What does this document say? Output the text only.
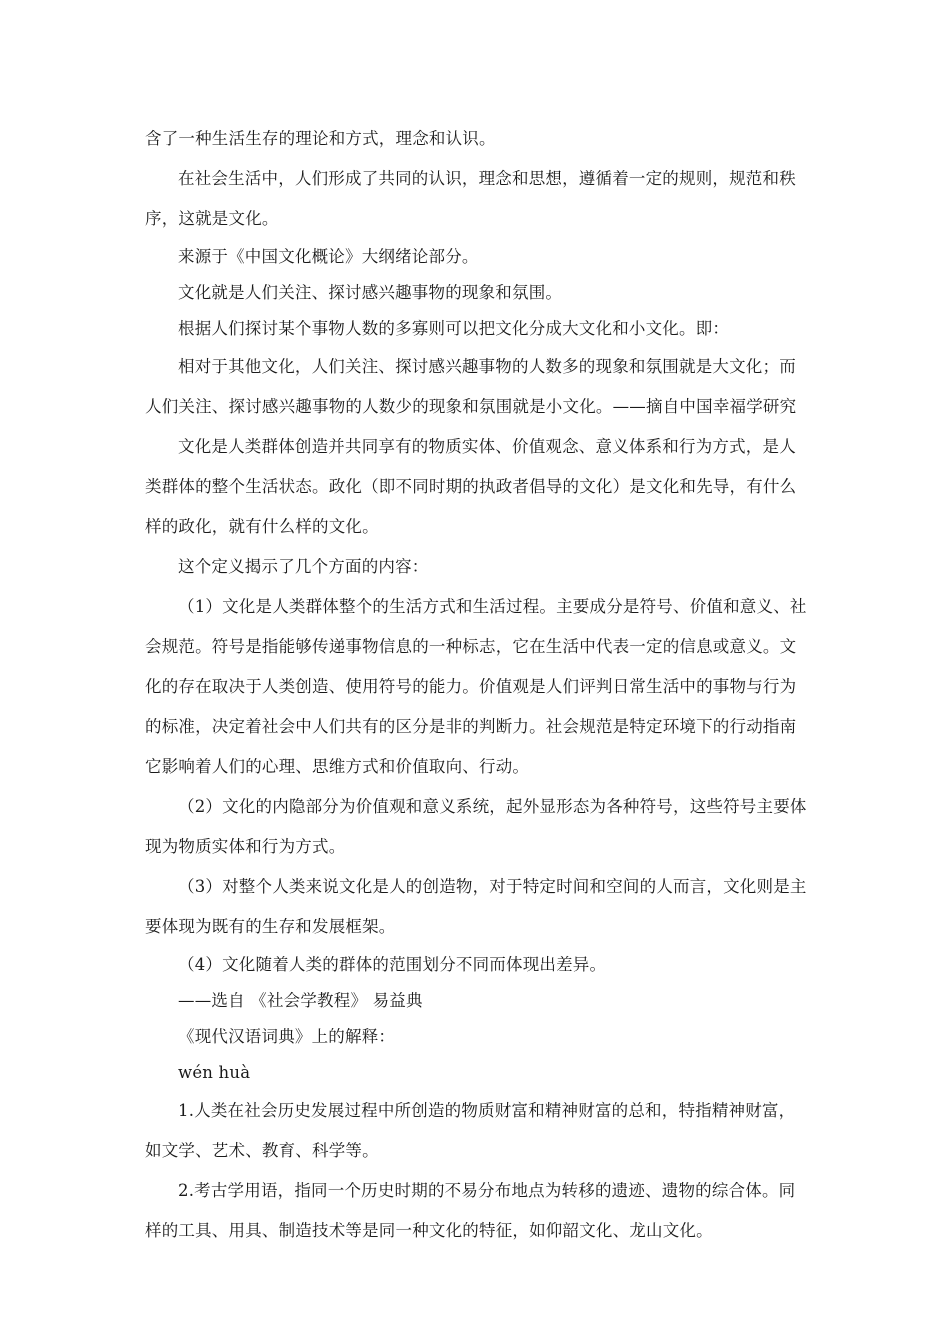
含了一种生活生存的理论和方式，理念和认识。

在社会生活中，人们形成了共同的认识，理念和思想，遵循着一定的规则，规范和秩序，这就是文化。

来源于《中国文化概论》大纲绪论部分。

文化就是人们关注、探讨感兴趣事物的现象和氛围。

根据人们探讨某个事物人数的多寡则可以把文化分成大文化和小文化。即：

相对于其他文化，人们关注、探讨感兴趣事物的人数多的现象和氛围就是大文化；而人们关注、探讨感兴趣事物的人数少的现象和氛围就是小文化。——摘自中国幸福学研究

文化是人类群体创造并共同享有的物质实体、价值观念、意义体系和行为方式，是人类群体的整个生活状态。政化（即不同时期的执政者倡导的文化）是文化和先导，有什么样的政化，就有什么样的文化。

这个定义揭示了几个方面的内容：

（1）文化是人类群体整个的生活方式和生活过程。主要成分是符号、价值和意义、社会规范。符号是指能够传递事物信息的一种标志，它在生活中代表一定的信息或意义。文化的存在取决于人类创造、使用符号的能力。价值观是人们评判日常生活中的事物与行为的标准，决定着社会中人们共有的区分是非的判断力。社会规范是特定环境下的行动指南它影响着人们的心理、思维方式和价值取向、行动。

（2）文化的内隐部分为价值观和意义系统，起外显形态为各种符号，这些符号主要体现为物质实体和行为方式。

（3）对整个人类来说文化是人的创造物，对于特定时间和空间的人而言，文化则是主要体现为既有的生存和发展框架。

（4）文化随着人类的群体的范围划分不同而体现出差异。

——选自 《社会学教程》 易益典

《现代汉语词典》上的解释：

wén huà

1.人类在社会历史发展过程中所创造的物质财富和精神财富的总和，特指精神财富，如文学、艺术、教育、科学等。

2.考古学用语，指同一个历史时期的不易分布地点为转移的遗迹、遗物的综合体。同样的工具、用具、制造技术等是同一种文化的特征，如仰韶文化、龙山文化。
